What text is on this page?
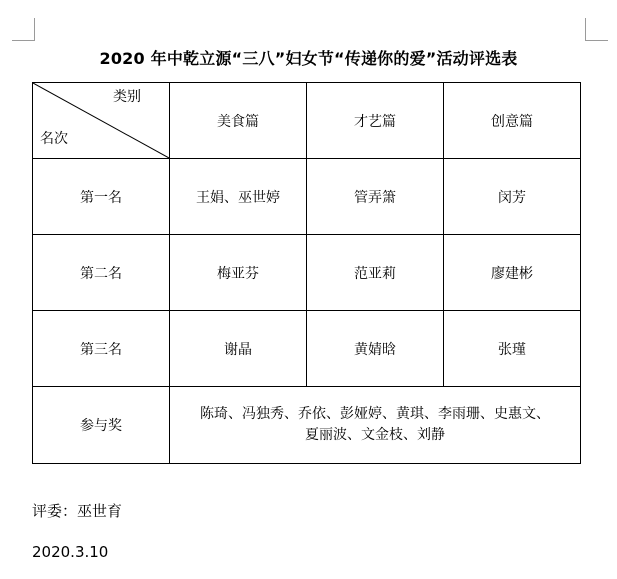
2020 年中乾立源“三八”妇女节“传递你的爱”活动评选表
类别
名次	美食篇	才艺篇	创意篇
第一名	王娟、巫世婷	管弄箫	闵芳
第二名	梅亚芬	范亚莉	廖建彬
第三名	谢晶	黄婧晗	张瑾
参与奖	陈琦、冯独秀、乔依、彭娅婷、黄琪、李雨珊、史惠文、
夏丽波、文金枝、刘静		
评委：巫世育
2020.3.10
